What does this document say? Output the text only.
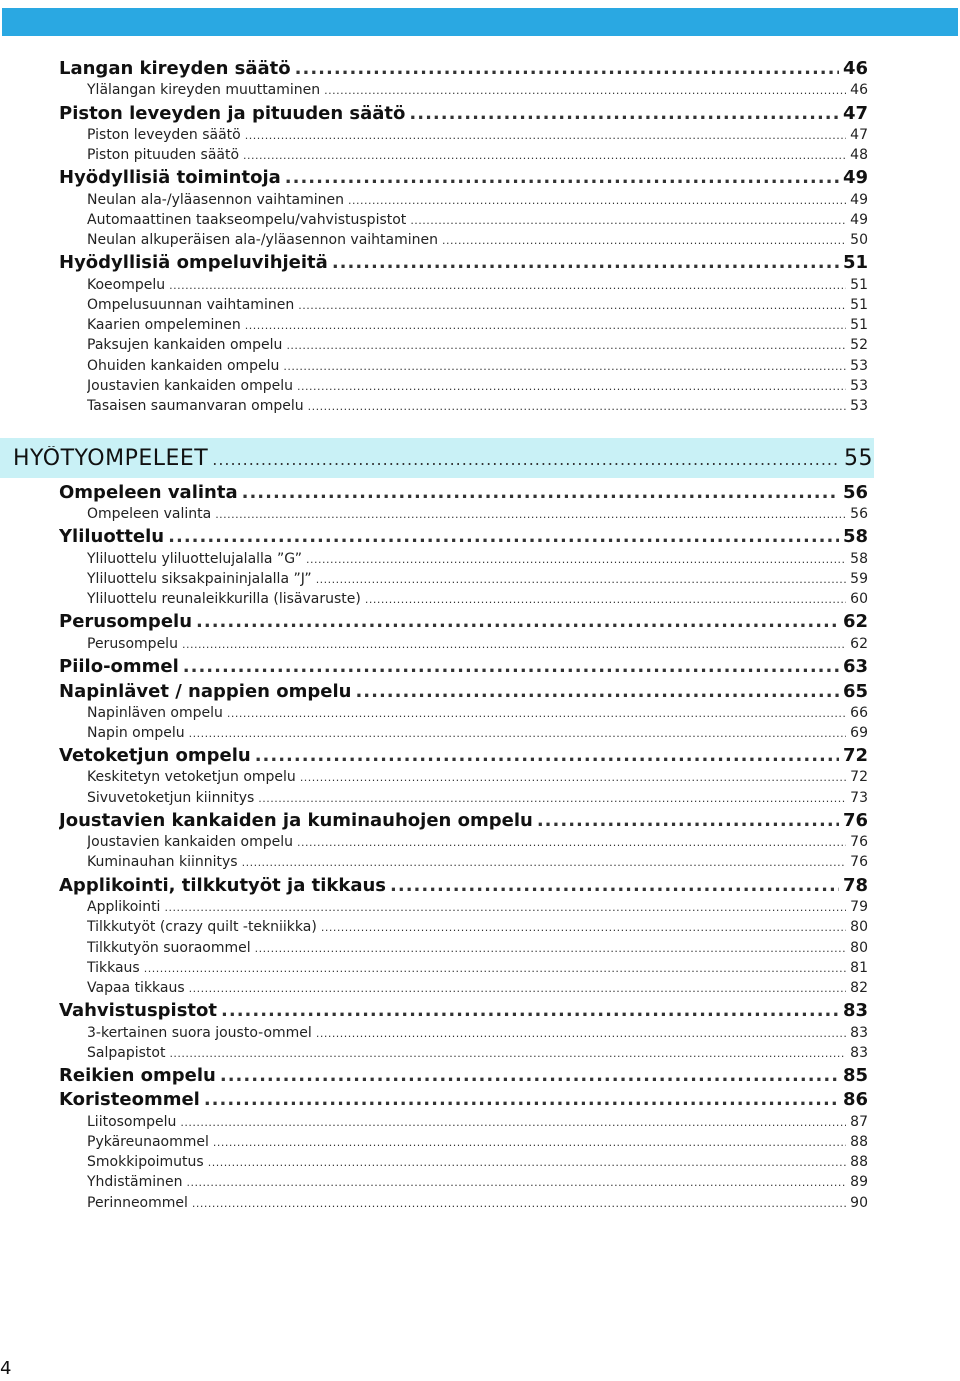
Langan kireyden säätö .....	46
Ylälangan kireyden muuttaminen .....	46
Piston leveyden ja pituuden säätö .....	47
Piston leveyden säätö .....	47
Piston pituuden säätö .....	48
Hyödyllisiä toimintoja .....	49
Neulan ala-/yläasennon vaihtaminen .....	49
Automaattinen taakseompelu/vahvistuspistot .....	49
Neulan alkuperäisen ala-/yläasennon vaihtaminen .....	50
Hyödyllisiä ompeluvihjeitä .....	51
Koeompelu .....	51
Ompelusuunnan vaihtaminen .....	51
Kaarien ompeleminen .....	51
Paksujen kankaiden ompelu .....	52
Ohuiden kankaiden ompelu .....	53
Joustavien kankaiden ompelu .....	53
Tasaisen saumanvaran ompelu .....	53
HYÖTYOMPELEET .....	55
Ompeleen valinta .....	56
Ompeleen valinta .....	56
Yliluottelu .....	58
Yliluottelu yliluottelujalalla ”G” .....	58
Yliluottelu siksakpaininjalalla ”J” .....	59
Yliluottelu reunaleikkurilla (lisävaruste) .....	60
Perusompelu .....	62
Perusompelu .....	62
Piilo-ommel .....	63
Napinlävet / nappien ompelu .....	65
Napinläven ompelu .....	66
Napin ompelu .....	69
Vetoketjun ompelu .....	72
Keskitetyn vetoketjun ompelu .....	72
Sivuvetoketjun kiinnitys .....	73
Joustavien kankaiden ja kuminauhojen ompelu .....	76
Joustavien kankaiden ompelu .....	76
Kuminauhan kiinnitys .....	76
Applikointi, tilkkutyöt ja tikkaus .....	78
Applikointi .....	79
Tilkkutyöt (crazy quilt -tekniikka) .....	80
Tilkkutyön suoraommel .....	80
Tikkaus .....	81
Vapaa tikkaus .....	82
Vahvistuspistot .....	83
3-kertainen suora jousto-ommel .....	83
Salpapistot .....	83
Reikien ompelu .....	85
Koristeommel .....	86
Liitosompelu .....	87
Pykäreunaommel .....	88
Smokkipoimutus .....	88
Yhdistäminen .....	89
Perinneommel .....	90
4
